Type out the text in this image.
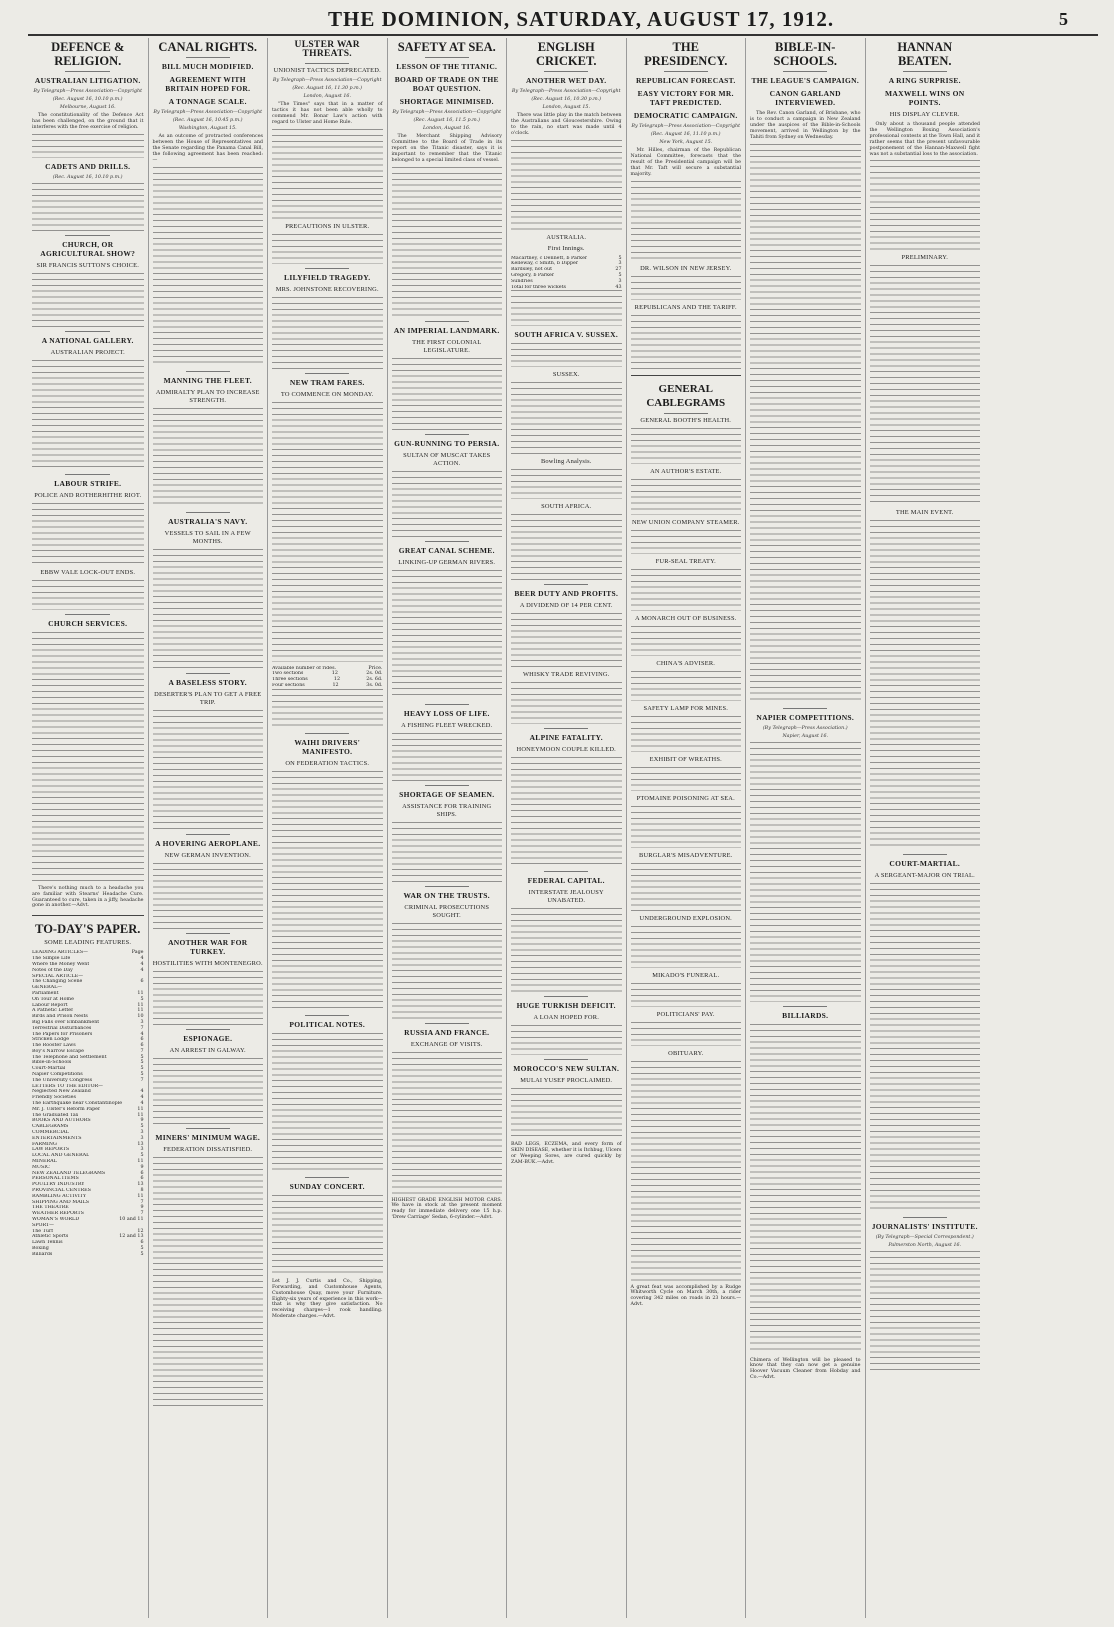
THE DOMINION, SATURDAY, AUGUST 17, 1912.	5
DEFENCE & RELIGION.
AUSTRALIAN LITIGATION.
By Telegraph—Press Association—Copyright
(Rec. August 16, 10.10 p.m.)
Melbourne, August 16.

The constitutionality of the Defence Act has been challenged, on the ground that it interferes with the free exercise of religion.

CADETS AND DRILLS.
(Rec. August 16, 10.10 p.m.)
CHURCH, OR AGRICULTURAL SHOW?
SIR FRANCIS SUTTON'S CHOICE.
A NATIONAL GALLERY.
AUSTRALIAN PROJECT.
LABOUR STRIFE.
POLICE AND ROTHERHITHE RIOT.
EBBW VALE LOCK-OUT ENDS.
CHURCH SERVICES.

There's nothing much to a headache you are familiar with Stearns' Headache Cure. Guaranteed to cure, taken in a jiffy, headache gone in another.—Advt.

TO-DAY'S PAPER.
SOME LEADING FEATURES.
LEADING ARTICLES—	Page
The Simple Life	4
Where the Money Went	4
Notes of the Day	4
SPECIAL ARTICLE—
The Changing Scene	6
GENERAL—
Parliament	11
On Tour at Home	5
Labour Report	11
A Pathetic Letter	11
Birds and Prison Nests	10
Big Falls over Embankment	3
Terrestrial Disturbances	7
The Papers for Prisoners	4
Stricken Lodge	6
The Rooster Laws	6
Boy's Narrow Escape	7
The Telephone and Settlement	5
Bible-in-Schools	5
Court-Martial	5
Napier Competitions	5
The University Congress	7
LETTERS TO THE EDITOR—
Neglected New Zealand	4
Friendly Societies	4
The Earthquake near Constantinople	4
Mr. J. Ulster's Reform Paper	11
The Graduated Tax	11
BOOKS AND AUTHORS	9
CABLEGRAMS	5
COMMERCIAL	3
ENTERTAINMENTS	3
FARMING	13
LAW REPORTS	3
LOCAL AND GENERAL	5
MINERAL	11
MUSIC	9
NEW ZEALAND TELEGRAMS	6
PERSONAL ITEMS	6
POULTRY INDUSTRY	13
PROVINCIAL CENTRES	8
RAMBLING ACTIVITY	11
SHIPPING AND MAILS	7
THE THEATRE	9
WEATHER REPORTS	7
WOMAN'S WORLD	10 and 11
SPORT—
The Turf	12
Athletic Sports	12 and 13
Lawn Tennis	6
Boxing	5
Billiards	5
CANAL RIGHTS.
BILL MUCH MODIFIED.
AGREEMENT WITH BRITAIN HOPED FOR.
A TONNAGE SCALE.
By Telegraph—Press Association—Copyright
(Rec. August 16, 10.45 p.m.)
Washington, August 15.

As an outcome of protracted conferences between the House of Representatives and the Senate regarding the Panama Canal Bill, the following agreement has been reached:—

MANNING THE FLEET.
ADMIRALTY PLAN TO INCREASE STRENGTH.
AUSTRALIA'S NAVY.
VESSELS TO SAIL IN A FEW MONTHS.
A BASELESS STORY.
DESERTER'S PLAN TO GET A FREE TRIP.
A HOVERING AEROPLANE.
NEW GERMAN INVENTION.
ANOTHER WAR FOR TURKEY.
HOSTILITIES WITH MONTENEGRO.
ESPIONAGE.
AN ARREST IN GALWAY.
MINERS' MINIMUM WAGE.
FEDERATION DISSATISFIED.
ULSTER WAR THREATS.
UNIONIST TACTICS DEPRECATED.
By Telegraph—Press Association—Copyright
(Rec. August 16, 11.30 p.m.)
London, August 16.

"The Times" says that in a matter of tactics it has not been able wholly to commend Mr. Bonar Law's action with regard to Ulster and Home Rule.

PRECAUTIONS IN ULSTER.
LILYFIELD TRAGEDY.
MRS. JOHNSTONE RECOVERING.
NEW TRAM FARES.
TO COMMENCE ON MONDAY.
Available number of rides.	Price.
Two sections	12	2s. 0d.
Three sections	12	2s. 6d.
Four sections	12	3s. 0d.
WAIHI DRIVERS' MANIFESTO.
ON FEDERATION TACTICS.
POLITICAL NOTES.
SUNDAY CONCERT.

Let J. J. Curtis and Co., Shipping, Forwarding, and Customhouse Agents, Customhouse Quay, move your Furniture. Eighty-six years of experience in this work—that is why they give satisfaction. No receiving charges—1 rook handling. Moderate charges.—Advt.

SAFETY AT SEA.
LESSON OF THE TITANIC.
BOARD OF TRADE ON THE BOAT QUESTION.
SHORTAGE MINIMISED.
By Telegraph—Press Association—Copyright
(Rec. August 16, 11.5 p.m.)
London, August 16.

The Merchant Shipping Advisory Committee to the Board of Trade in its report on the Titanic disaster, says it is important to remember that the Titanic belonged to a special limited class of vessel.

AN IMPERIAL LANDMARK.
THE FIRST COLONIAL LEGISLATURE.
GUN-RUNNING TO PERSIA.
SULTAN OF MUSCAT TAKES ACTION.
GREAT CANAL SCHEME.
LINKING-UP GERMAN RIVERS.
HEAVY LOSS OF LIFE.
A FISHING FLEET WRECKED.
SHORTAGE OF SEAMEN.
ASSISTANCE FOR TRAINING SHIPS.
WAR ON THE TRUSTS.
CRIMINAL PROSECUTIONS SOUGHT.
RUSSIA AND FRANCE.
EXCHANGE OF VISITS.

HIGHEST GRADE ENGLISH MOTOR CARS. We have in stock at the present moment ready for immediate delivery one 15 h.p. 'Drew Carriage' Sedan, 6-cylinder.—Advt.

ENGLISH CRICKET.
ANOTHER WET DAY.
By Telegraph—Press Association—Copyright
(Rec. August 16, 10.30 p.m.)
London, August 15.

There was little play in the match between the Australians and Gloucestershire. Owing to the rain, no start was made until 4 o'clock.

AUSTRALIA.
First Innings.
Macartney, c Dennett, b Parker	5
Kelleway, c Smith, b Dipper	3
Bardsley, not out	27
Gregory, b Parker	5
Sundries	3
Total for three wickets	43
SOUTH AFRICA V. SUSSEX.
SUSSEX.
Bowling Analysis.
SOUTH AFRICA.
BEER DUTY AND PROFITS.
A DIVIDEND OF 14 PER CENT.
WHISKY TRADE REVIVING.
ALPINE FATALITY.
HONEYMOON COUPLE KILLED.
FEDERAL CAPITAL.
INTERSTATE JEALOUSY UNABATED.
HUGE TURKISH DEFICIT.
A LOAN HOPED FOR.
MOROCCO'S NEW SULTAN.
MULAI YUSEF PROCLAIMED.

BAD LEGS, ECZEMA, and every form of SKIN DISEASE, whether it is Itchbug, Ulcers or Weeping Sores, are cured quickly by ZAM-BUK.—Advt.

THE PRESIDENCY.
REPUBLICAN FORECAST.
EASY VICTORY FOR MR. TAFT PREDICTED.
DEMOCRATIC CAMPAIGN.
By Telegraph—Press Association—Copyright
(Rec. August 16, 11.10 p.m.)
New York, August 15.

Mr. Hilles, chairman of the Republican National Committee, forecasts that the result of the Presidential campaign will be that Mr. Taft will secure a substantial majority.

DR. WILSON IN NEW JERSEY.
REPUBLICANS AND THE TARIFF.
GENERAL CABLEGRAMS
GENERAL BOOTH'S HEALTH.
AN AUTHOR'S ESTATE.
NEW UNION COMPANY STEAMER.
FUR-SEAL TREATY.
A MONARCH OUT OF BUSINESS.
CHINA'S ADVISER.
SAFETY LAMP FOR MINES.
EXHIBIT OF WREATHS.
PTOMAINE POISONING AT SEA.
BURGLAR'S MISADVENTURE.
UNDERGROUND EXPLOSION.
MIKADO'S FUNERAL.
POLITICIANS' PAY.
OBITUARY.

A great feat was accomplished by a Rudge Whitworth Cycle on March 30th, a rider covering 342 miles on roads in 23 hours.—Advt.

BIBLE-IN-SCHOOLS.
THE LEAGUE'S CAMPAIGN.
CANON GARLAND INTERVIEWED.

The Rev. Canon Garland, of Brisbane, who is to conduct a campaign in New Zealand under the auspices of the Bible-in-Schools movement, arrived in Wellington by the Tahiti from Sydney on Wednesday.

NAPIER COMPETITIONS.
(By Telegraph—Press Association.)
Napier, August 16.
BILLIARDS.

Chimera of Wellington will be pleased to know that they can now get a genuine Hoover Vacuum Cleaner from Hobday and Co.—Advt.

HANNAN BEATEN.
A RING SURPRISE.
MAXWELL WINS ON POINTS.
HIS DISPLAY CLEVER.

Only about a thousand people attended the Wellington Boxing Association's professional contests at the Town Hall, and it rather seems that the present unfavourable postponement of the Hannan-Maxwell fight was not a substantial loss to the association.

PRELIMINARY.
THE MAIN EVENT.
COURT-MARTIAL.
A SERGEANT-MAJOR ON TRIAL.
JOURNALISTS' INSTITUTE.
(By Telegraph—Special Correspondent.)
Palmerston North, August 16.
